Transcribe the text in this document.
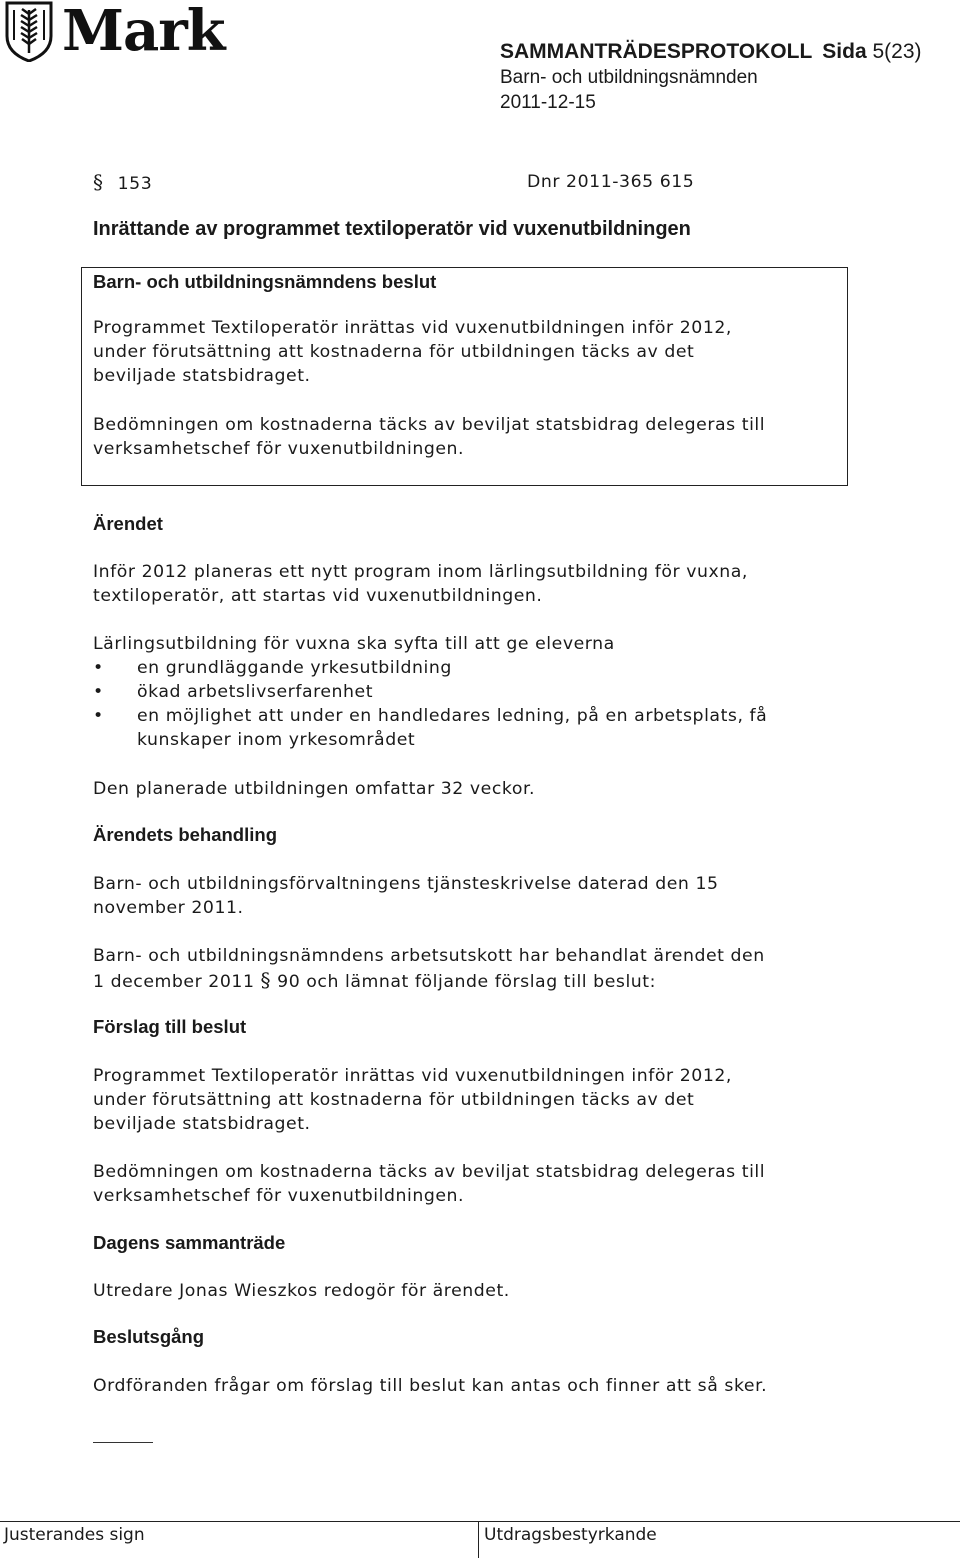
Mark	SAMMANTRÄDESPROTOKOLL Sida 5(23)
Barn- och utbildningsnämnden
2011-12-15
§ 153	Dnr 2011-365 615
Inrättande av programmet textiloperatör vid vuxenutbildningen
Barn- och utbildningsnämndens beslut
Programmet Textiloperatör inrättas vid vuxenutbildningen inför 2012,
under förutsättning att kostnaderna för utbildningen täcks av det
beviljade statsbidraget.
Bedömningen om kostnaderna täcks av beviljat statsbidrag delegeras till
verksamhetschef för vuxenutbildningen.
Ärendet
Inför 2012 planeras ett nytt program inom lärlingsutbildning för vuxna,
textiloperatör, att startas vid vuxenutbildningen.
Lärlingsutbildning för vuxna ska syfta till att ge eleverna
•	en grundläggande yrkesutbildning
•	ökad arbetslivserfarenhet
•	en möjlighet att under en handledares ledning, på en arbetsplats, få
kunskaper inom yrkesområdet
Den planerade utbildningen omfattar 32 veckor.
Ärendets behandling
Barn- och utbildningsförvaltningens tjänsteskrivelse daterad den 15
november 2011.
Barn- och utbildningsnämndens arbetsutskott har behandlat ärendet den
1 december 2011 § 90 och lämnat följande förslag till beslut:
Förslag till beslut
Programmet Textiloperatör inrättas vid vuxenutbildningen inför 2012,
under förutsättning att kostnaderna för utbildningen täcks av det
beviljade statsbidraget.
Bedömningen om kostnaderna täcks av beviljat statsbidrag delegeras till
verksamhetschef för vuxenutbildningen.
Dagens sammanträde
Utredare Jonas Wieszkos redogör för ärendet.
Beslutsgång
Ordföranden frågar om förslag till beslut kan antas och finner att så sker.
Justerandes sign	Utdragsbestyrkande
